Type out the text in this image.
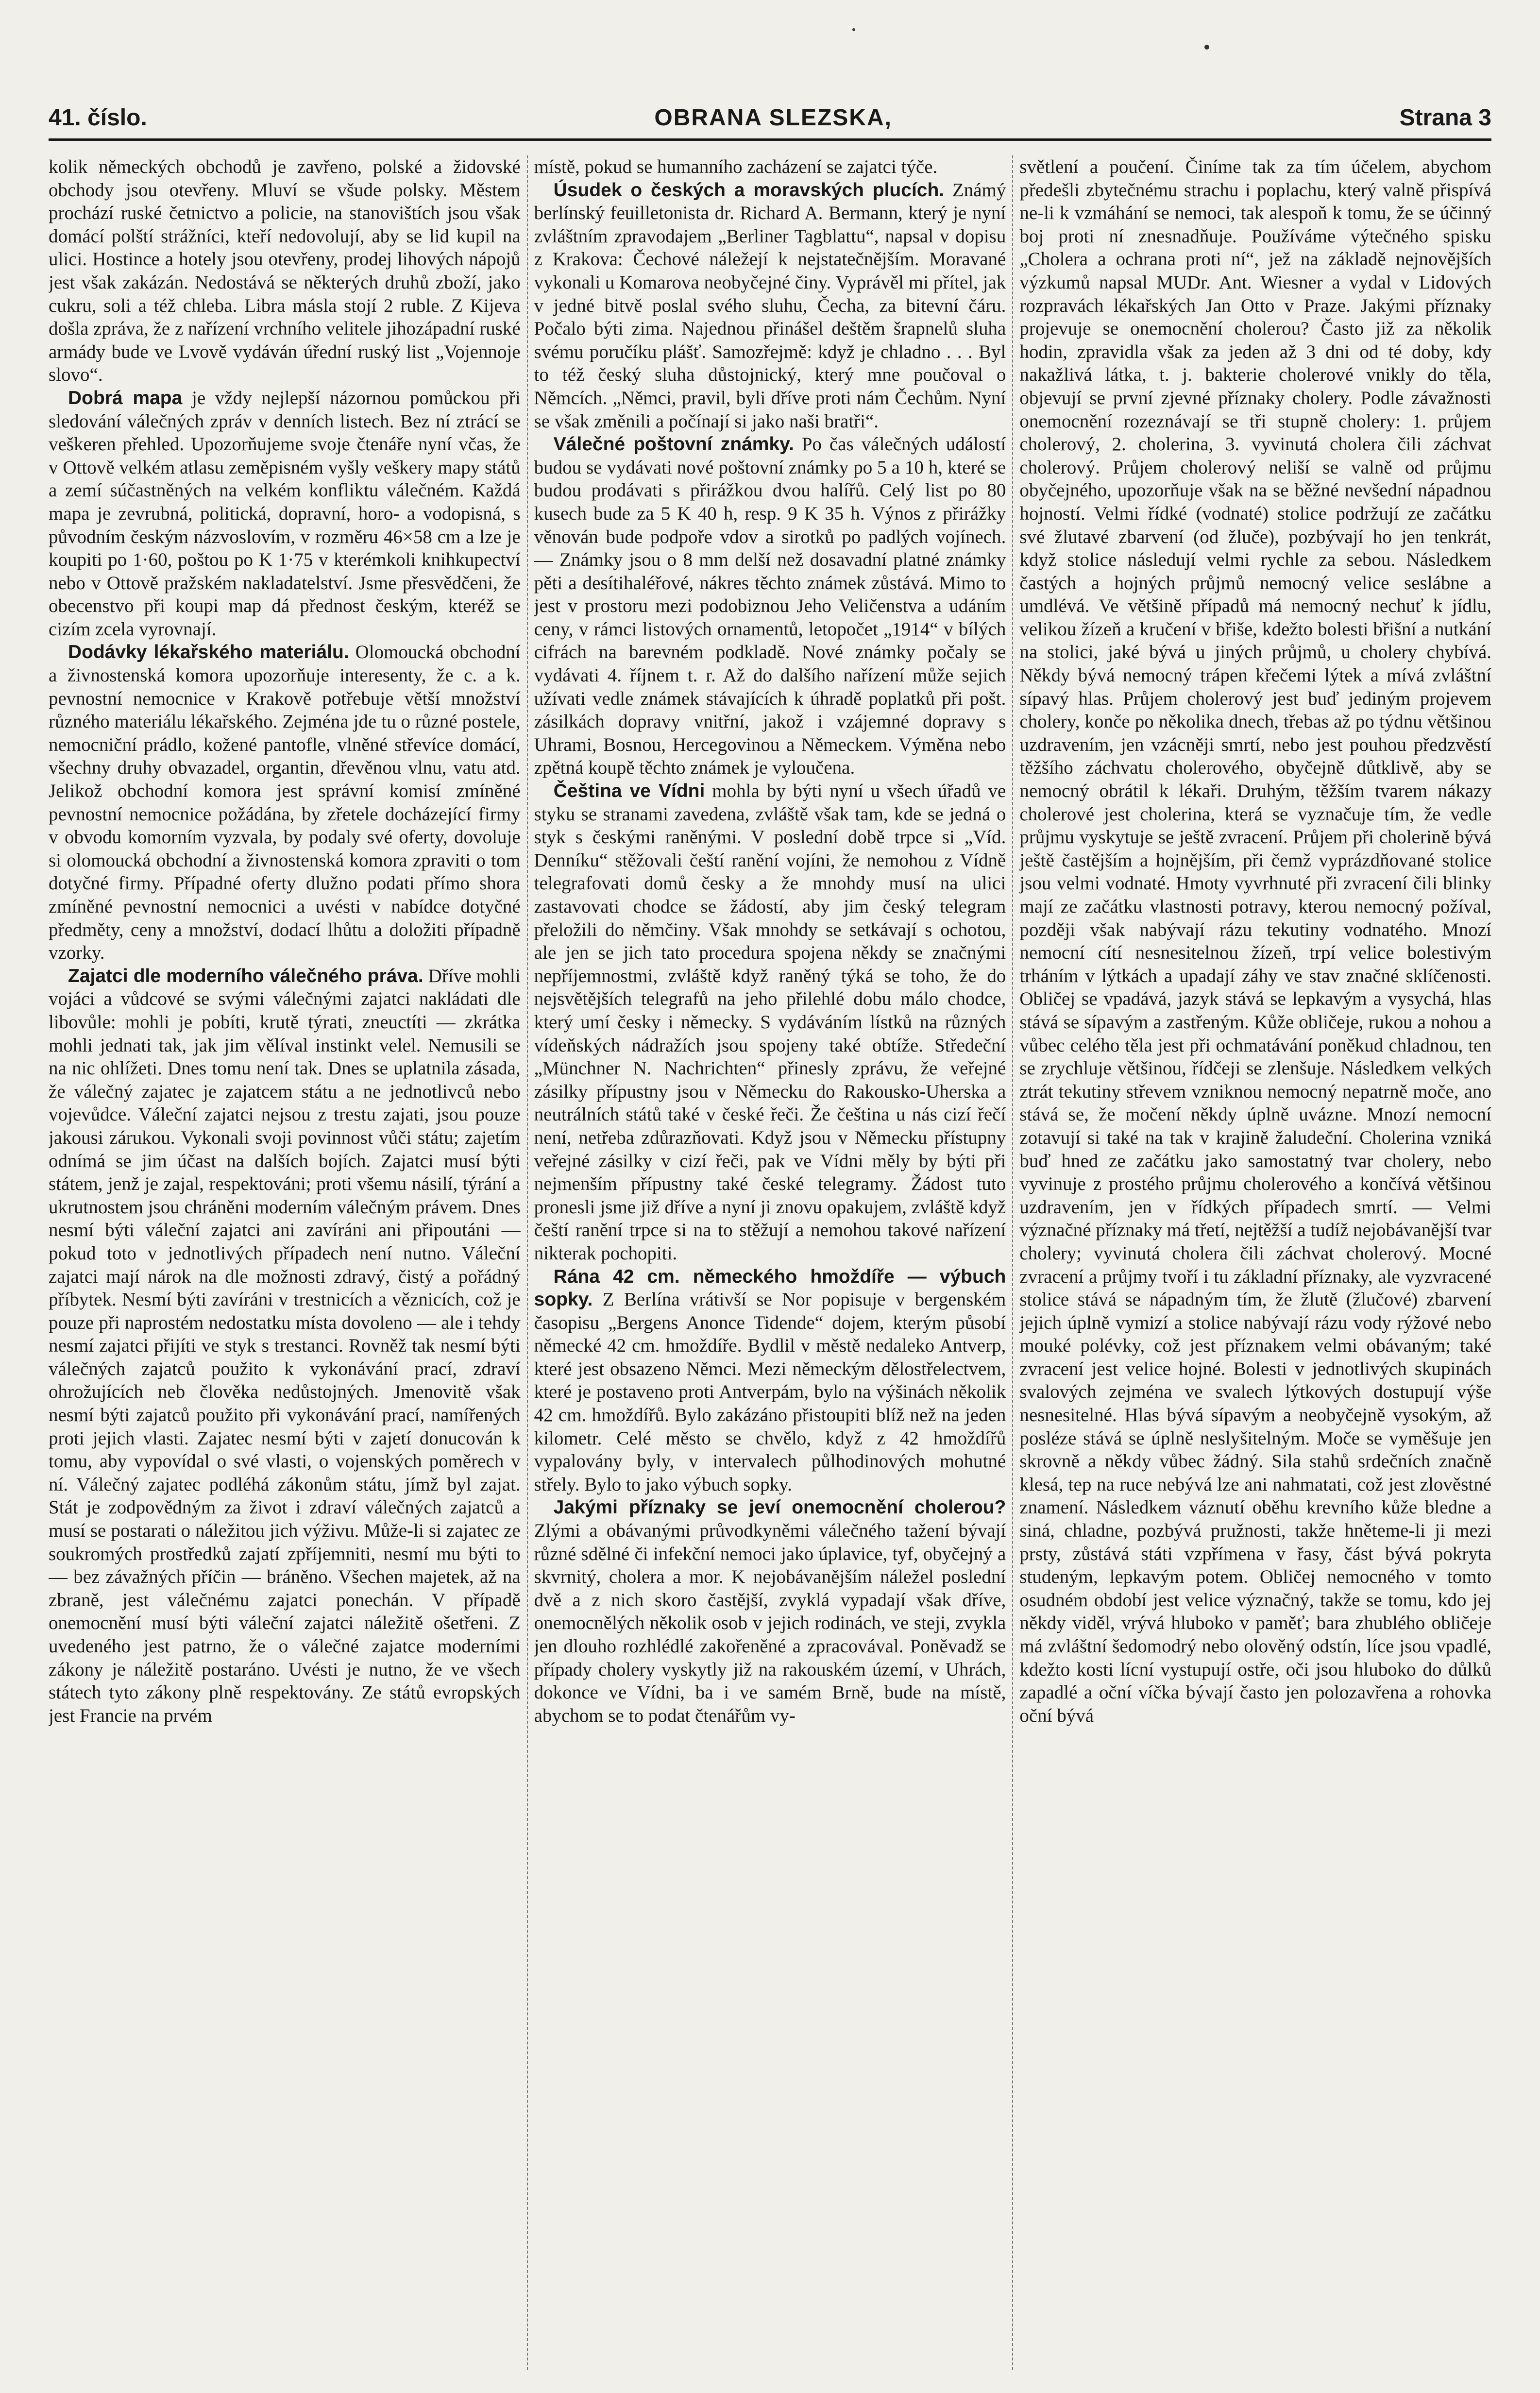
41. číslo.	OBRANA SLEZSKA,	Strana 3

kolik německých obchodů je zavřeno, polské a židovské obchody jsou otevřeny. Mluví se všude polsky. Městem prochází ruské četnictvo a policie, na stanovištích jsou však domácí polští strážníci, kteří nedovolují, aby se lid kupil na ulici. Hostince a hotely jsou otevřeny, prodej lihových nápojů jest však zakázán. Nedostává se některých druhů zboží, jako cukru, soli a též chleba. Libra másla stojí 2 ruble. Z Kijeva došla zpráva, že z nařízení vrchního velitele jihozápadní ruské armády bude ve Lvově vydáván úřední ruský list „Vojennoje slovo“.

Dobrá mapa je vždy nejlepší názornou pomůckou při sledování válečných zpráv v denních listech. Bez ní ztrácí se veškeren přehled. Upozorňujeme svoje čtenáře nyní včas, že v Ottově velkém atlasu zeměpisném vyšly veškery mapy států a zemí súčastněných na velkém konfliktu válečném. Každá mapa je zevrubná, politická, dopravní, horo- a vodopisná, s původním českým názvoslovím, v rozměru 46×58 cm a lze je koupiti po 1·60, poštou po K 1·75 v kterémkoli knihkupectví nebo v Ottově pražském nakladatelství. Jsme přesvědčeni, že obecenstvo při koupi map dá přednost českým, kteréž se cizím zcela vyrovnají.

Dodávky lékařského materiálu. Olomoucká obchodní a živnostenská komora upozorňuje interesenty, že c. a k. pevnostní nemocnice v Krakově potřebuje větší množství různého materiálu lékařského. Zejména jde tu o různé postele, nemocniční prádlo, kožené pantofle, vlněné střevíce domácí, všechny druhy obvazadel, organtin, dřevěnou vlnu, vatu atd. Jelikož obchodní komora jest správní komisí zmíněné pevnostní nemocnice požádána, by zřetele docházející firmy v obvodu komorním vyzvala, by podaly své oferty, dovoluje si olomoucká obchodní a živnostenská komora zpraviti o tom dotyčné firmy. Případné oferty dlužno podati přímo shora zmíněné pevnostní nemocnici a uvésti v nabídce dotyčné předměty, ceny a množství, dodací lhůtu a doložiti případně vzorky.

Zajatci dle moderního válečného práva. Dříve mohli vojáci a vůdcové se svými válečnými zajatci nakládati dle libovůle: mohli je pobíti, krutě týrati, zneuctíti — zkrátka mohli jednati tak, jak jim vělíval instinkt velel. Nemusili se na nic ohlížeti. Dnes tomu není tak. Dnes se uplatnila zásada, že válečný zajatec je zajatcem státu a ne jednotlivců nebo vojevůdce. Váleční zajatci nejsou z trestu zajati, jsou pouze jakousi zárukou. Vykonali svoji povinnost vůči státu; zajetím odnímá se jim účast na dalších bojích. Zajatci musí býti státem, jenž je zajal, respektováni; proti všemu násilí, týrání a ukrutnostem jsou chráněni moderním válečným právem. Dnes nesmí býti váleční zajatci ani zavíráni ani připoutáni — pokud toto v jednotlivých případech není nutno. Váleční zajatci mají nárok na dle možnosti zdravý, čistý a pořádný příbytek. Nesmí býti zavíráni v trestnicích a věznicích, což je pouze při naprostém nedostatku místa dovoleno — ale i tehdy nesmí zajatci přijíti ve styk s trestanci. Rovněž tak nesmí býti válečných zajatců použito k vykonávání prací, zdraví ohrožujících neb člověka nedůstojných. Jmenovitě však nesmí býti zajatců použito při vykonávání prací, namířených proti jejich vlasti. Zajatec nesmí býti v zajetí donucován k tomu, aby vypovídal o své vlasti, o vojenských poměrech v ní. Válečný zajatec podléhá zákonům státu, jímž byl zajat. Stát je zodpovědným za život i zdraví válečných zajatců a musí se postarati o náležitou jich výživu. Může-li si zajatec ze soukromých prostředků zajatí zpříjemniti, nesmí mu býti to — bez závažných příčin — bráněno. Všechen majetek, až na zbraně, jest válečnému zajatci ponechán. V případě onemocnění musí býti váleční zajatci náležitě ošetřeni. Z uvedeného jest patrno, že o válečné zajatce moderními zákony je náležitě postaráno. Uvésti je nutno, že ve všech státech tyto zákony plně respektovány. Ze států evropských jest Francie na prvém

místě, pokud se humanního zacházení se zajatci týče.

Úsudek o českých a moravských plucích. Známý berlínský feuilletonista dr. Richard A. Bermann, který je nyní zvláštním zpravodajem „Berliner Tagblattu“, napsal v dopisu z Krakova: Čechové náležejí k nejstatečnějším. Moravané vykonali u Komarova neobyčejné činy. Vyprávěl mi přítel, jak v jedné bitvě poslal svého sluhu, Čecha, za bitevní čáru. Počalo býti zima. Najednou přinášel deštěm šrapnelů sluha svému poručíku plášť. Samozřejmě: když je chladno . . . Byl to též český sluha důstojnický, který mne poučoval o Němcích. „Němci, pravil, byli dříve proti nám Čechům. Nyní se však změnili a počínají si jako naši bratři“.

Válečné poštovní známky. Po čas válečných událostí budou se vydávati nové poštovní známky po 5 a 10 h, které se budou prodávati s přirážkou dvou halířů. Celý list po 80 kusech bude za 5 K 40 h, resp. 9 K 35 h. Výnos z přirážky věnován bude podpoře vdov a sirotků po padlých vojínech. — Známky jsou o 8 mm delší než dosavadní platné známky pěti a desítihaléřové, nákres těchto známek zůstává. Mimo to jest v prostoru mezi podobiznou Jeho Veličenstva a udáním ceny, v rámci listových ornamentů, letopočet „1914“ v bílých cifrách na barevném podkladě. Nové známky počaly se vydávati 4. říjnem t. r. Až do dalšího nařízení může sejich užívati vedle známek stávajících k úhradě poplatků při pošt. zásilkách dopravy vnitřní, jakož i vzájemné dopravy s Uhrami, Bosnou, Hercegovinou a Německem. Výměna nebo zpětná koupě těchto známek je vyloučena.

Čeština ve Vídni mohla by býti nyní u všech úřadů ve styku se stranami zavedena, zvláště však tam, kde se jedná o styk s českými raněnými. V poslední době trpce si „Víd. Denníku“ stěžovali čeští ranění vojíni, že nemohou z Vídně telegrafovati domů česky a že mnohdy musí na ulici zastavovati chodce se žádostí, aby jim český telegram přeložili do němčiny. Však mnohdy se setkávají s ochotou, ale jen se jich tato procedura spojena někdy se značnými nepříjemnostmi, zvláště když raněný týká se toho, že do nejsvětějších telegrafů na jeho přilehlé dobu málo chodce, který umí česky i německy. S vydáváním lístků na různých vídeňských nádražích jsou spojeny také obtíže. Středeční „Münchner N. Nachrichten“ přinesly zprávu, že veřejné zásilky přípustny jsou v Německu do Rakousko-Uherska a neutrálních států také v české řeči. Že čeština u nás cizí řečí není, netřeba zdůrazňovati. Když jsou v Německu přístupny veřejné zásilky v cizí řeči, pak ve Vídni měly by býti při nejmenším přípustny také české telegramy. Žádost tuto pronesli jsme již dříve a nyní ji znovu opakujem, zvláště když čeští ranění trpce si na to stěžují a nemohou takové nařízení nikterak pochopiti.

Rána 42 cm. německého hmoždíře — výbuch sopky. Z Berlína vrátivší se Nor popisuje v bergenském časopisu „Bergens Anonce Tidende“ dojem, kterým působí německé 42 cm. hmoždíře. Bydlil v městě nedaleko Antverp, které jest obsazeno Němci. Mezi německým dělostřelectvem, které je postaveno proti Antverpám, bylo na výšinách několik 42 cm. hmoždířů. Bylo zakázáno přistoupiti blíž než na jeden kilometr. Celé město se chvělo, když z 42 hmoždířů vypalovány byly, v intervalech půlhodinových mohutné střely. Bylo to jako výbuch sopky.

Jakými příznaky se jeví onemocnění cholerou? Zlými a obávanými průvodkyněmi válečného tažení bývají různé sdělné či infekční nemoci jako úplavice, tyf, obyčejný a skvrnitý, cholera a mor. K nejobávanějším náležel poslední dvě a z nich skoro častější, zvyklá vypadají však dříve, onemocnělých několik osob v jejich rodinách, ve steji, zvykla jen dlouho rozhlédlé zakořeněné a zpracovával. Poněvadž se případy cholery vyskytly již na rakouském území, v Uhrách, dokonce ve Vídni, ba i ve samém Brně, bude na místě, abychom se to podat čtenářům vy-

světlení a poučení. Činíme tak za tím účelem, abychom předešli zbytečnému strachu i poplachu, který valně přispívá ne-li k vzmáhání se nemoci, tak alespoň k tomu, že se účinný boj proti ní znesnadňuje. Používáme výtečného spisku „Cholera a ochrana proti ní“, jež na základě nejnovějších výzkumů napsal MUDr. Ant. Wiesner a vydal v Lidových rozpravách lékařských Jan Otto v Praze. Jakými příznaky projevuje se onemocnění cholerou? Často již za několik hodin, zpravidla však za jeden až 3 dni od té doby, kdy nakažlivá látka, t. j. bakterie cholerové vnikly do těla, objevují se první zjevné příznaky cholery. Podle závažnosti onemocnění rozeznávají se tři stupně cholery: 1. průjem cholerový, 2. cholerina, 3. vyvinutá cholera čili záchvat cholerový. Průjem cholerový neliší se valně od průjmu obyčejného, upozorňuje však na se běžné nevšední nápadnou hojností. Velmi řídké (vodnaté) stolice podržují ze začátku své žlutavé zbarvení (od žluče), pozbývají ho jen tenkrát, když stolice následují velmi rychle za sebou. Následkem častých a hojných průjmů nemocný velice seslábne a umdlévá. Ve většině případů má nemocný nechuť k jídlu, velikou žízeň a kručení v břiše, kdežto bolesti břišní a nutkání na stolici, jaké bývá u jiných průjmů, u cholery chybívá. Někdy bývá nemocný trápen křečemi lýtek a mívá zvláštní sípavý hlas. Průjem cholerový jest buď jediným projevem cholery, konče po několika dnech, třebas až po týdnu většinou uzdravením, jen vzácněji smrtí, nebo jest pouhou předzvěstí těžšího záchvatu cholerového, obyčejně důtklivě, aby se nemocný obrátil k lékaři. Druhým, těžším tvarem nákazy cholerové jest cholerina, která se vyznačuje tím, že vedle průjmu vyskytuje se ještě zvracení. Průjem při cholerině bývá ještě častějším a hojnějším, při čemž vyprázdňované stolice jsou velmi vodnaté. Hmoty vyvrhnuté při zvracení čili blinky mají ze začátku vlastnosti potravy, kterou nemocný požíval, později však nabývají rázu tekutiny vodnatého. Mnozí nemocní cítí nesnesitelnou žízeň, trpí velice bolestivým trháním v lýtkách a upadají záhy ve stav značné sklíčenosti. Obličej se vpadává, jazyk stává se lepkavým a vysychá, hlas stává se sípavým a zastřeným. Kůže obličeje, rukou a nohou a vůbec celého těla jest při ochmatávání poněkud chladnou, ten se zrychluje většinou, řídčeji se zlenšuje. Následkem velkých ztrát tekutiny střevem vzniknou nemocný nepatrně moče, ano stává se, že močení někdy úplně uvázne. Mnozí nemocní zotavují si také na tak v krajině žaludeční. Cholerina vzniká buď hned ze začátku jako samostatný tvar cholery, nebo vyvinuje z prostého průjmu cholerového a končívá většinou uzdravením, jen v řídkých případech smrtí. — Velmi význačné příznaky má třetí, nejtěžší a tudíž nejobávanější tvar cholery; vyvinutá cholera čili záchvat cholerový. Mocné zvracení a průjmy tvoří i tu základní příznaky, ale vyzvracené stolice stává se nápadným tím, že žlutě (žlučové) zbarvení jejich úplně vymizí a stolice nabývají rázu vody rýžové nebo mouké polévky, což jest příznakem velmi obávaným; také zvracení jest velice hojné. Bolesti v jednotlivých skupinách svalových zejména ve svalech lýtkových dostupují výše nesnesitelné. Hlas bývá sípavým a neobyčejně vysokým, až posléze stává se úplně neslyšitelným. Moče se vyměšuje jen skrovně a někdy vůbec žádný. Sila stahů srdečních značně klesá, tep na ruce nebývá lze ani nahmatati, což jest zlověstné znamení. Následkem váznutí oběhu krevního kůže bledne a siná, chladne, pozbývá pružnosti, takže hněteme-li ji mezi prsty, zůstává státi vzpřímena v řasy, část bývá pokryta studeným, lepkavým potem. Obličej nemocného v tomto osudném období jest velice význačný, takže se tomu, kdo jej někdy viděl, vrývá hluboko v paměť; bara zhublého obličeje má zvláštní šedomodrý nebo olověný odstín, líce jsou vpadlé, kdežto kosti lícní vystupují ostře, oči jsou hluboko do důlků zapadlé a oční víčka bývají často jen polozavřena a rohovka oční bývá
